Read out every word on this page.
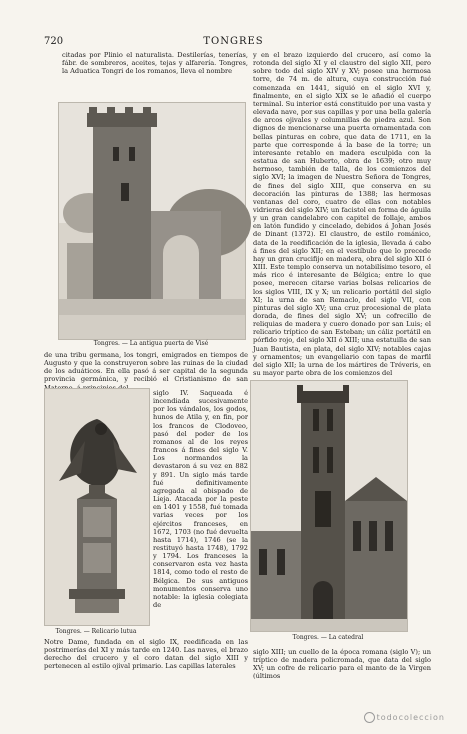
720	TONGRES

citadas por Plinio el naturalista. Destilerías, tenerías, fábr. de sombreros, aceites, tejas y alfarería. Tongres, la Aduatica Tongri de los romanos, lleva el nombre

Tongres. — La antigua puerta de Visé

de una tribu germana, los tongri, emigrados en tiempos de Augusto y que la construyeron sobre las ruinas de la ciudad de los aduáticos. En ella pasó á ser capital de la segunda provincia germánica, y recibió el Cristianismo de san

Tongres. — Relicario lutua

siglo IV. Saqueada é incendiada sucesivamente por los vándalos, los godos, hunos de Atila y, en fin, por los francos de Clodoveo, pasó del poder de los romanos al de los reyes francos á fines del siglo V. Los normandos la devastaron á su vez en 882 y 891. Un siglo más tarde fué definitivamente agregada al obispado de Lieja. Atacada por la peste en 1401 y 1558, fué tomada varias veces por los ejércitos franceses, en 1672, 1703 (no fué devuelta hasta 1714), 1746 (se la restituyó hasta 1748), 1792 y 1794. Los franceses la conservaron esta vez hasta 1814, como todo el resto de Bélgica. De sus antiguos monumentos conserva uno notable: la iglesia colegiata de

Notre Dame, fundada en el siglo IX, reedificada en las postrimerías del XI y más tarde en 1240. Las naves, el brazo derecho del crucero y el coro datan del siglo XIII y pertenecen al estilo ojival primario. Las capillas laterales

y en el brazo izquierdo del crucero, así como la rotonda del siglo XI y el claustro del siglo XII, pero sobre todo del siglo XIV y XV; posee una hermosa torre, de 74 m. de altura, cuya construcción fué comenzada en 1441, siguió en el siglo XVI y, finalmente, en el siglo XIX se le añadió el cuerpo terminal. Su interior está constituido por una vasta y elevada nave, por sus capillas y por una bella galería de arcos ojivales y columnillas de piedra azul. Son dignos de mencionarse una puerta ornamentada con bellas pinturas en cobre, que data de 1711, en la parte que corresponde á la base de la torre; un interesante retablo en madera esculpida con la estatua de san Huberto, obra de 1639; otro muy hermoso, también de talla, de los comienzos del siglo XVI; la imagen de Nuestra Señora de Tongres, de fines del siglo XIII, que conserva en su decoración las pinturas de 1388; las hermosas ventanas del coro, cuatro de ellas con notables vidrieras del siglo XIV; un facistol en forma de águila y un gran candelabro con capitel de follaje, ambos en latón fundido y cincelado, debidos á Johan Josés de Dinant (1372). El claustro, de estilo románico, data de la reedificación de la iglesia, llevada á cabo á fines del siglo XII; en el vestíbulo que lo precede hay un gran crucifijo en madera, obra del siglo XII ó XIII. Este templo conserva un notabilísimo tesoro, el más rico é interesante de Bélgica; entre lo que posee, merecen citarse varias bolsas relicarios de los siglos VIII, IX y X; un relicario portátil del siglo XI; la urna de san Remaclo, del siglo VII, con pinturas del siglo XV; una cruz procesional de plata dorada, de fines del siglo XV; un cofrecillo de reliquias de madera y cuero donado por san Luis; el relicario tríptico de san Esteban; un cáliz portátil en pórfido rojo, del siglo XII ó XIII; una estatuilla de san Juan Bautista, en plata, del siglo XIV; notables cajas y ornamentos; un evangeliario con tapas de marfil del siglo XII; la urna de los mártires de Tréveris, en su mayor parte obra de los comienzos del

Tongres. — La catedral

siglo XIII; un cuello de la época romana (siglo V); un tríptico de madera policromada, que data del siglo XV; un cofre de relicario para el manto de la Virgen (últimos

todocoleccion
